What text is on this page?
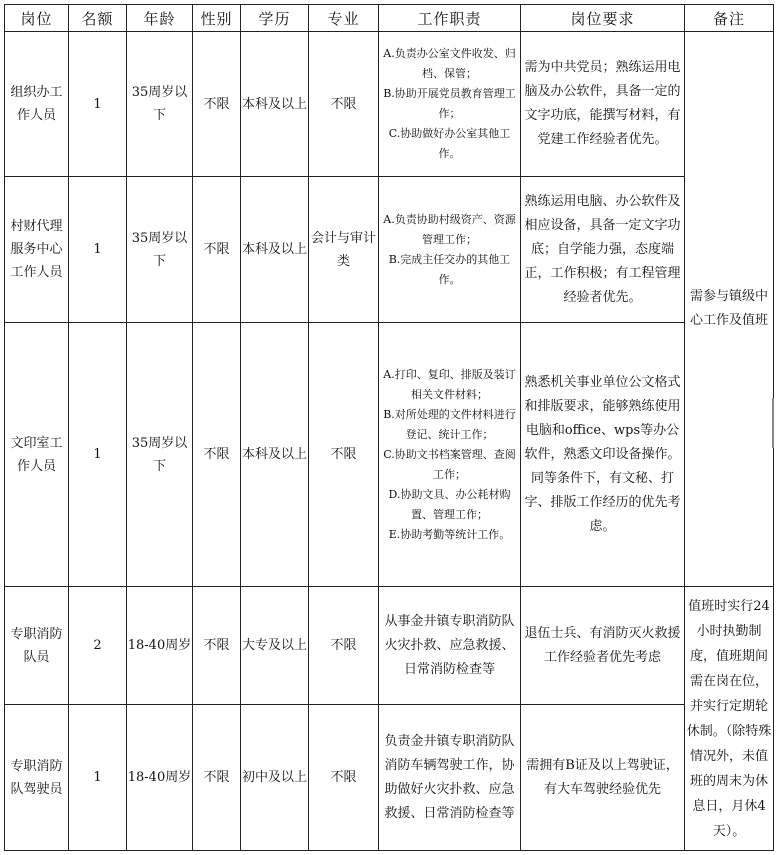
岗位	名额	年龄	性别	学历	专业	工作职责	岗位要求	备注
组织办工作人员	1	35周岁以下	不限	本科及以上	不限	A.负责办公室文件收发、归档、保管；
B.协助开展党员教育管理工作；
C.协助做好办公室其他工作。	需为中共党员；熟练运用电脑及办公软件，具备一定的文字功底，能撰写材料，有党建工作经验者优先。	需参与镇级中心工作及值班
村财代理服务中心工作人员	1	35周岁以下	不限	本科及以上	会计与审计类	A.负责协助村级资产、资源管理工作；
B.完成主任交办的其他工作。	熟练运用电脑、办公软件及相应设备，具备一定文字功底；自学能力强，态度端正，工作积极；有工程管理经验者优先。	
文印室工作人员	1	35周岁以下	不限	本科及以上	不限	A.打印、复印、排版及装订相关文件材料；
B.对所处理的文件材料进行登记、统计工作；
C.协助文书档案管理、查阅工作；
D.协助文具、办公耗材购置、管理工作；
E.协助考勤等统计工作。	熟悉机关事业单位公文格式和排版要求，能够熟练使用电脑和office、wps等办公软件，熟悉文印设备操作。同等条件下，有文秘、打字、排版工作经历的优先考虑。	
专职消防队员	2	18-40周岁	不限	大专及以上	不限	从事金井镇专职消防队火灾扑救、应急救援、日常消防检查等	退伍士兵、有消防灭火救援工作经验者优先考虑	值班时实行24小时执勤制度，值班期间需在岗在位，并实行定期轮休制。（除特殊情况外，未值班的周末为休息日，月休4天）。
专职消防队驾驶员	1	18-40周岁	不限	初中及以上	不限	负责金井镇专职消防队消防车辆驾驶工作，协助做好火灾扑救、应急救援、日常消防检查等	需拥有B证及以上驾驶证，有大车驾驶经验优先	
